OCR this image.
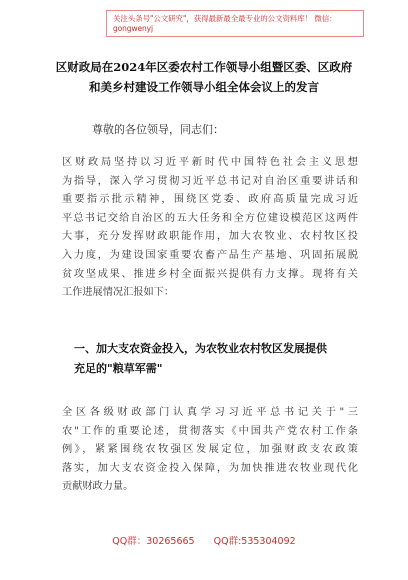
关注头条号"公文研究"，获得最新最全最专业的公文资料库！ 微信：gongwenyj
区财政局在2024年区委农村工作领导小组暨区委、区政府
和美乡村建设工作领导小组全体会议上的发言
尊敬的各位领导，同志们：
区财政局坚持以习近平新时代中国特色社会主义思想
为指导，深入学习贯彻习近平总书记对自治区重要讲话和
重要指示批示精神，围绕区党委、政府高质量完成习近
平总书记交给自治区的五大任务和全方位建设模范区这两件
大事，充分发挥财政职能作用，加大农牧业、农村牧区投
入力度，为建设国家重要农畜产品生产基地、巩固拓展脱
贫攻坚成果、推进乡村全面振兴提供有力支撑。现将有关
工作进展情况汇报如下：
一、加大支农资金投入，为农牧业农村牧区发展提供
充足的"粮草军需"
全区各级财政部门认真学习习近平总书记关于"三
农"工作的重要论述，贯彻落实《中国共产党农村工作条
例》，紧紧围绕农牧强区发展定位，加强财政支农政策
落实，加大支农资金投入保障，为加快推进农牧业现代化
贡献财政力量。
QQ群：30265665 QQ群:535304092
